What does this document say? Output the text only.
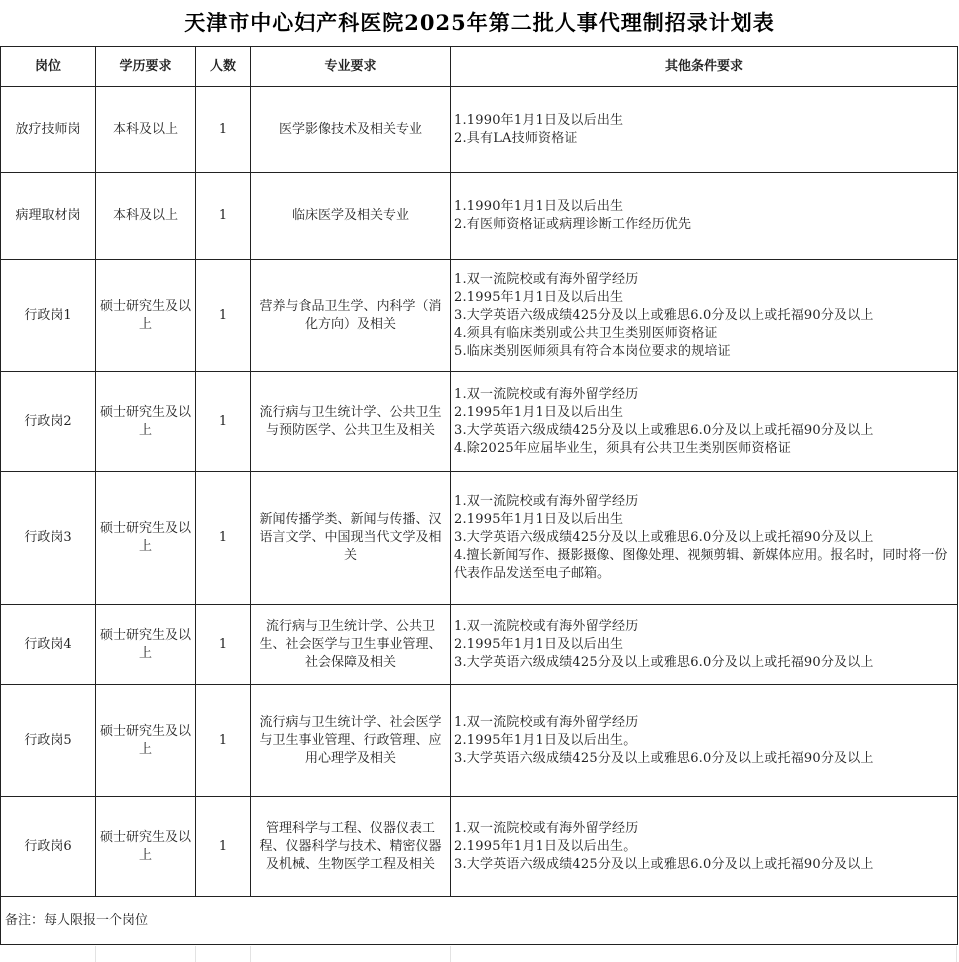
天津市中心妇产科医院2025年第二批人事代理制招录计划表
岗位	学历要求	人数	专业要求	其他条件要求
放疗技师岗	本科及以上	1	医学影像技术及相关专业	1.1990年1月1日及以后出生
2.具有LA技师资格证

病理取材岗	本科及以上	1	临床医学及相关专业	1.1990年1月1日及以后出生
2.有医师资格证或病理诊断工作经历优先

行政岗1	硕士研究生及以上	1	营养与食品卫生学、内科学（消化方向）及相关	1.双一流院校或有海外留学经历
2.1995年1月1日及以后出生
3.大学英语六级成绩425分及以上或雅思6.0分及以上或托福90分及以上
4.须具有临床类别或公共卫生类别医师资格证
5.临床类别医师须具有符合本岗位要求的规培证

行政岗2	硕士研究生及以上	1	流行病与卫生统计学、公共卫生与预防医学、公共卫生及相关	1.双一流院校或有海外留学经历
2.1995年1月1日及以后出生
3.大学英语六级成绩425分及以上或雅思6.0分及以上或托福90分及以上
4.除2025年应届毕业生，须具有公共卫生类别医师资格证

行政岗3	硕士研究生及以上	1	新闻传播学类、新闻与传播、汉语言文学、中国现当代文学及相关	1.双一流院校或有海外留学经历
2.1995年1月1日及以后出生
3.大学英语六级成绩425分及以上或雅思6.0分及以上或托福90分及以上
4.擅长新闻写作、摄影摄像、图像处理、视频剪辑、新媒体应用。报名时，同时将一份代表作品发送至电子邮箱。

行政岗4	硕士研究生及以上	1	流行病与卫生统计学、公共卫生、社会医学与卫生事业管理、社会保障及相关	1.双一流院校或有海外留学经历
2.1995年1月1日及以后出生
3.大学英语六级成绩425分及以上或雅思6.0分及以上或托福90分及以上

行政岗5	硕士研究生及以上	1	流行病与卫生统计学、社会医学与卫生事业管理、行政管理、应用心理学及相关	1.双一流院校或有海外留学经历
2.1995年1月1日及以后出生。
3.大学英语六级成绩425分及以上或雅思6.0分及以上或托福90分及以上

行政岗6	硕士研究生及以上	1	管理科学与工程、仪器仪表工程、仪器科学与技术、精密仪器及机械、生物医学工程及相关	1.双一流院校或有海外留学经历
2.1995年1月1日及以后出生。
3.大学英语六级成绩425分及以上或雅思6.0分及以上或托福90分及以上

备注：每人限报一个岗位				
